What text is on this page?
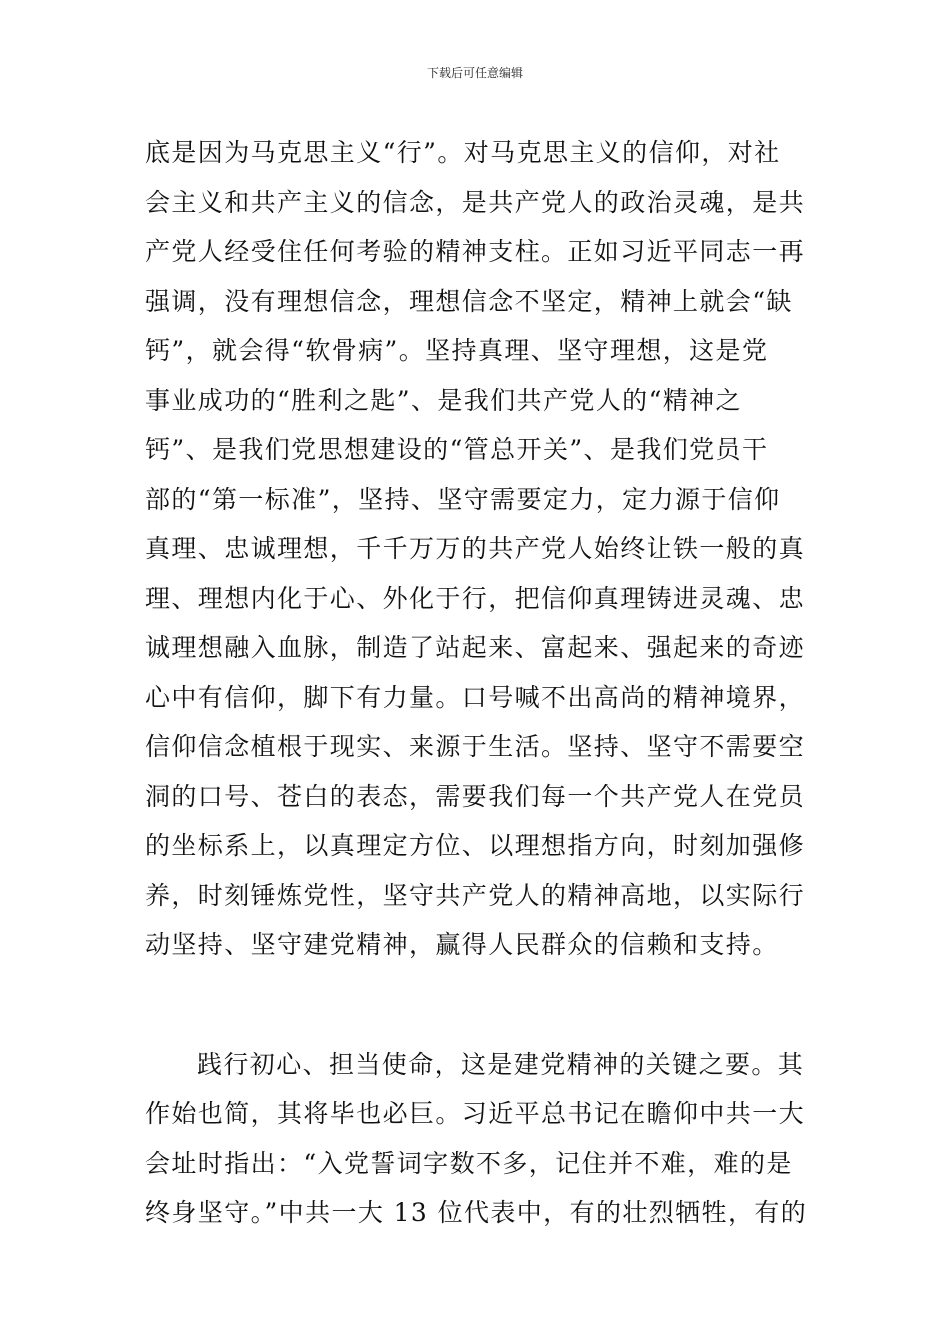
下载后可任意编辑
底是因为马克思主义“行”。对马克思主义的信仰，对社
会主义和共产主义的信念，是共产党人的政治灵魂，是共
产党人经受住任何考验的精神支柱。正如习近平同志一再
强调，没有理想信念，理想信念不坚定，精神上就会“缺
钙”，就会得“软骨病”。坚持真理、坚守理想，这是党
事业成功的“胜利之匙”、是我们共产党人的“精神之
钙”、是我们党思想建设的“管总开关”、是我们党员干
部的“第一标准”，坚持、坚守需要定力，定力源于信仰
真理、忠诚理想，千千万万的共产党人始终让铁一般的真
理、理想内化于心、外化于行，把信仰真理铸进灵魂、忠
诚理想融入血脉，制造了站起来、富起来、强起来的奇迹
心中有信仰，脚下有力量。口号喊不出高尚的精神境界，
信仰信念植根于现实、来源于生活。坚持、坚守不需要空
洞的口号、苍白的表态，需要我们每一个共产党人在党员
的坐标系上，以真理定方位、以理想指方向，时刻加强修
养，时刻锤炼党性，坚守共产党人的精神高地，以实际行
动坚持、坚守建党精神，赢得人民群众的信赖和支持。
践行初心、担当使命，这是建党精神的关键之要。其
作始也简，其将毕也必巨。习近平总书记在瞻仰中共一大
会址时指出：“入党誓词字数不多，记住并不难，难的是
终身坚守。”中共一大 13 位代表中，有的壮烈牺牲，有的
